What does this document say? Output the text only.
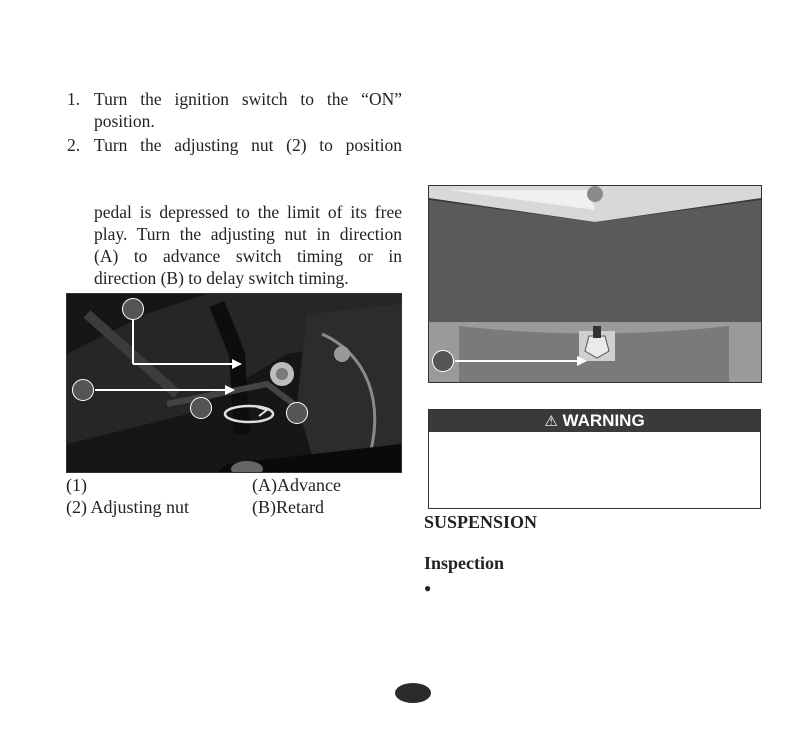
1. Turn the ignition switch to the “ON”
position.
2. Turn the adjusting nut (2) to position
pedal is depressed to the limit of its free
play. Turn the adjusting nut in direction
(A) to advance switch timing or in
direction (B) to delay switch timing.
(1)
(2) Adjusting nut
(A)Advance
(B)Retard
⚠ WARNING
SUSPENSION
Inspection
●
